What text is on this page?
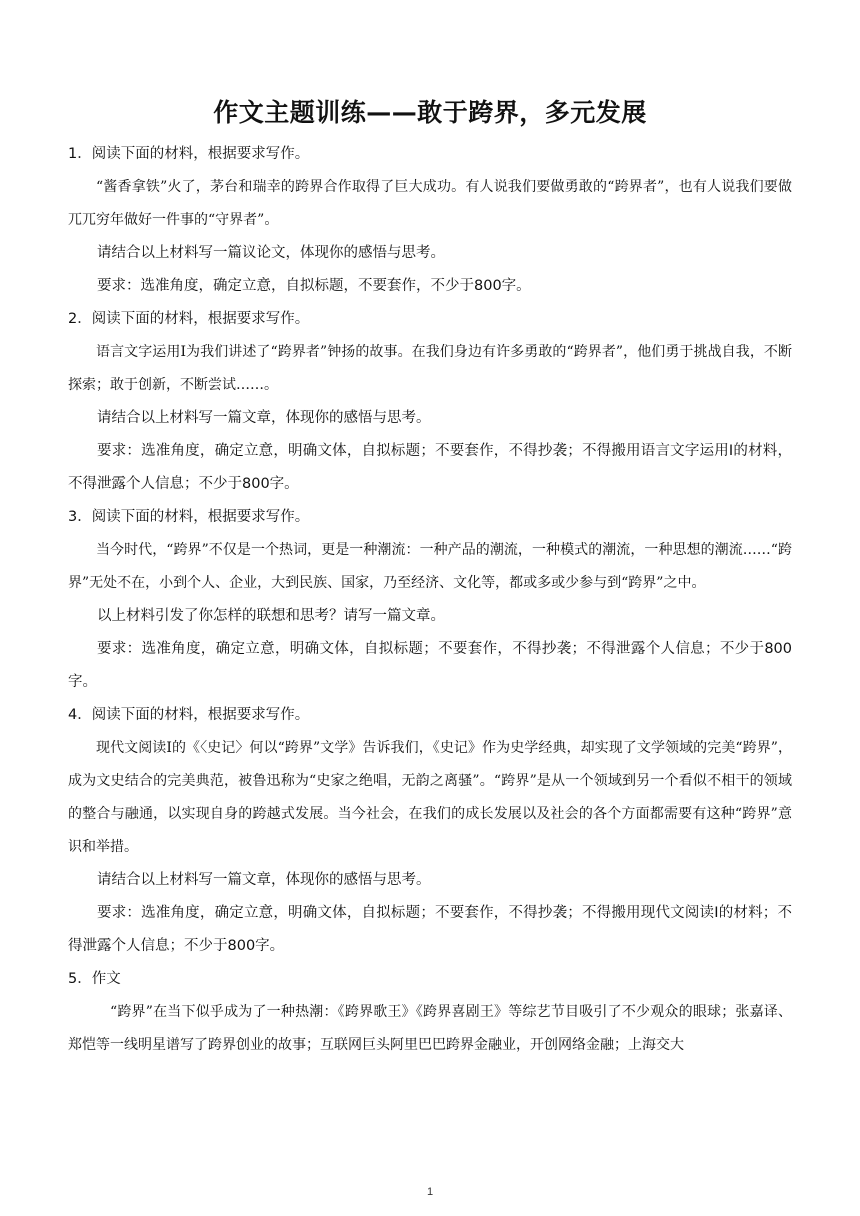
作文主题训练——敢于跨界，多元发展

1．阅读下面的材料，根据要求写作。

“酱香拿铁”火了，茅台和瑞幸的跨界合作取得了巨大成功。有人说我们要做勇敢的“跨界者”，也有人说我们要做兀兀穷年做好一件事的“守界者”。

请结合以上材料写一篇议论文，体现你的感悟与思考。

要求：选准角度，确定立意，自拟标题，不要套作，不少于800字。

2．阅读下面的材料，根据要求写作。

语言文字运用Ⅰ为我们讲述了“跨界者”钟扬的故事。在我们身边有许多勇敢的“跨界者”，他们勇于挑战自我，不断探索；敢于创新，不断尝试……。

请结合以上材料写一篇文章，体现你的感悟与思考。

要求：选准角度，确定立意，明确文体，自拟标题；不要套作，不得抄袭；不得搬用语言文字运用Ⅰ的材料，不得泄露个人信息；不少于800字。

3．阅读下面的材料，根据要求写作。

当今时代，“跨界”不仅是一个热词，更是一种潮流：一种产品的潮流，一种模式的潮流，一种思想的潮流……“跨界”无处不在，小到个人、企业，大到民族、国家，乃至经济、文化等，都或多或少参与到“跨界”之中。

以上材料引发了你怎样的联想和思考？请写一篇文章。

要求：选准角度，确定立意，明确文体，自拟标题；不要套作，不得抄袭；不得泄露个人信息；不少于800字。

4．阅读下面的材料，根据要求写作。

现代文阅读Ⅰ的《〈史记〉何以“跨界”文学》告诉我们，《史记》作为史学经典，却实现了文学领域的完美“跨界”，成为文史结合的完美典范，被鲁迅称为“史家之绝唱，无韵之离骚”。“跨界”是从一个领域到另一个看似不相干的领域的整合与融通，以实现自身的跨越式发展。当今社会，在我们的成长发展以及社会的各个方面都需要有这种“跨界”意识和举措。

请结合以上材料写一篇文章，体现你的感悟与思考。

要求：选准角度，确定立意，明确文体，自拟标题；不要套作，不得抄袭；不得搬用现代文阅读Ⅰ的材料；不得泄露个人信息；不少于800字。

5．作文

“跨界”在当下似乎成为了一种热潮：《跨界歌王》《跨界喜剧王》等综艺节目吸引了不少观众的眼球；张嘉译、郑恺等一线明星谱写了跨界创业的故事；互联网巨头阿里巴巴跨界金融业，开创网络金融；上海交大

1
